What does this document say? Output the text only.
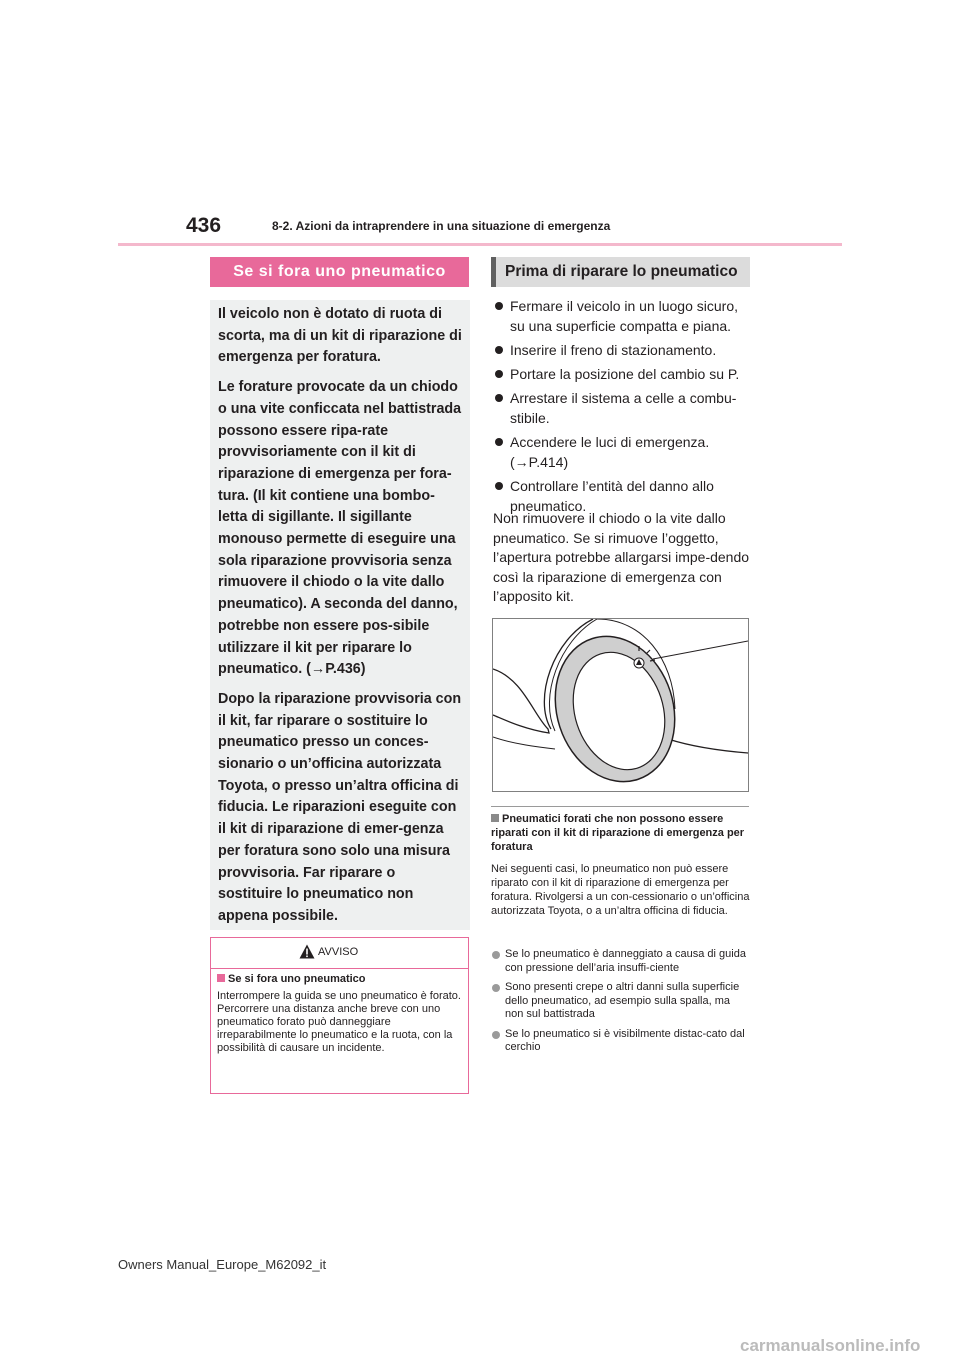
436	8-2. Azioni da intraprendere in una situazione di emergenza
Se si fora uno pneumatico

Il veicolo non è dotato di ruota di scorta, ma di un kit di riparazione di emergenza per foratura.

Le forature provocate da un chiodo o una vite conficcata nel battistrada possono essere ripa-rate provvisoriamente con il kit di riparazione di emergenza per fora-tura. (Il kit contiene una bombo-letta di sigillante. Il sigillante monouso permette di eseguire una sola riparazione provvisoria senza rimuovere il chiodo o la vite dallo pneumatico). A seconda del danno, potrebbe non essere pos-sibile utilizzare il kit per riparare lo pneumatico. (→P.436)

Dopo la riparazione provvisoria con il kit, far riparare o sostituire lo pneumatico presso un conces-sionario o un’officina autorizzata Toyota, o presso un’altra officina di fiducia. Le riparazioni eseguite con il kit di riparazione di emer-genza per foratura sono solo una misura provvisoria. Far riparare o sostituire lo pneumatico non appena possibile.

AVVISO

Se si fora uno pneumatico

Interrompere la guida se uno pneumatico è forato.
Percorrere una distanza anche breve con uno pneumatico forato può danneggiare irreparabilmente lo pneumatico e la ruota, con la possibilità di causare un incidente.

Prima di riparare lo pneumatico
Fermare il veicolo in un luogo sicuro, su una superficie compatta e piana.
Inserire il freno di stazionamento.
Portare la posizione del cambio su P.
Arrestare il sistema a celle a combu-stibile.
Accendere le luci di emergenza. (→P.414)
Controllare l’entità del danno allo pneumatico.

Non rimuovere il chiodo o la vite dallo pneumatico. Se si rimuove l’oggetto, l’apertura potrebbe allargarsi impe-dendo così la riparazione di emergenza con l’apposito kit.

Pneumatici forati che non possono essere riparati con il kit di riparazione di emergenza per foratura

Nei seguenti casi, lo pneumatico non può essere riparato con il kit di riparazione di emergenza per foratura. Rivolgersi a un con-cessionario o un’officina autorizzata Toyota, o a un’altra officina di fiducia.

Se lo pneumatico è danneggiato a causa di guida con pressione dell’aria insuffi-ciente
Sono presenti crepe o altri danni sulla superficie dello pneumatico, ad esempio sulla spalla, ma non sul battistrada
Se lo pneumatico si è visibilmente distac-cato dal cerchio
Owners Manual_Europe_M62092_it
carmanualsonline.info
